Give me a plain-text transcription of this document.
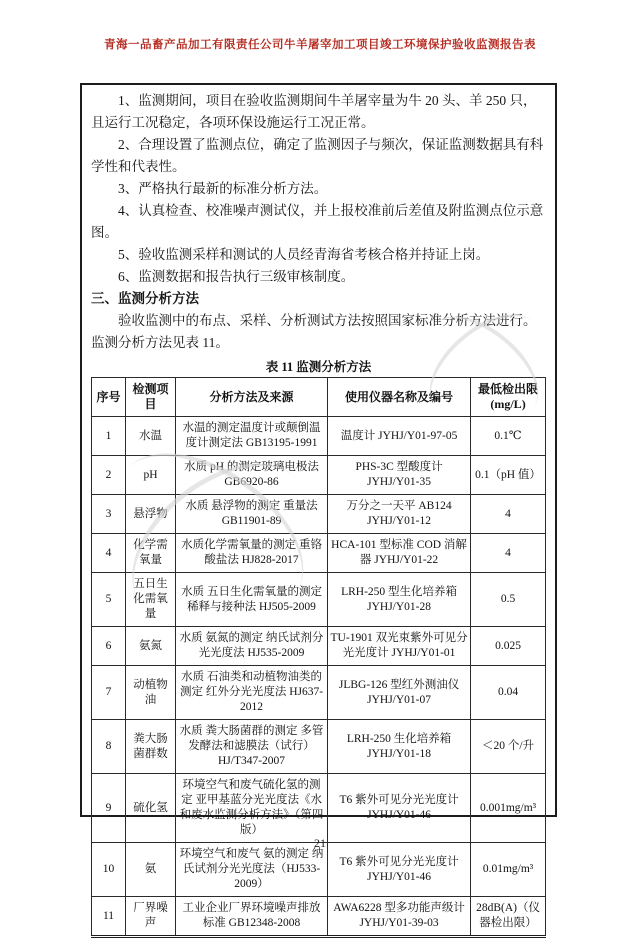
青海一品畜产品加工有限责任公司牛羊屠宰加工项目竣工环境保护验收监测报告表

1、监测期间，项目在验收监测期间牛羊屠宰量为牛 20 头、羊 250 只，且运行工况稳定，各项环保设施运行工况正常。

2、合理设置了监测点位，确定了监测因子与频次，保证监测数据具有科学性和代表性。

3、严格执行最新的标准分析方法。

4、认真检查、校准噪声测试仪，并上报校准前后差值及附监测点位示意图。

5、验收监测采样和测试的人员经青海省考核合格并持证上岗。

6、监测数据和报告执行三级审核制度。

三、监测分析方法

验收监测中的布点、采样、分析测试方法按照国家标准分析方法进行。监测分析方法见表 11。

表 11 监测分析方法
序号	检测项目	分析方法及来源	使用仪器名称及编号	最低检出限(mg/L)
1	水温	水温的测定温度计或颠倒温度计测定法 GB13195-1991	温度计 JYHJ/Y01-97-05	0.1℃
2	pH	水质 pH 的测定玻璃电极法 GB6920-86	PHS-3C 型酸度计 JYHJ/Y01-35	0.1（pH 值）
3	悬浮物	水质 悬浮物的测定 重量法 GB11901-89	万分之一天平 AB124 JYHJ/Y01-12	4
4	化学需氧量	水质化学需氧量的测定 重铬酸盐法 HJ828-2017	HCA-101 型标准 COD 消解器 JYHJ/Y01-22	4
5	五日生化需氧量	水质 五日生化需氧量的测定 稀释与接种法 HJ505-2009	LRH-250 型生化培养箱 JYHJ/Y01-28	0.5
6	氨氮	水质 氨氮的测定 纳氏试剂分光光度法 HJ535-2009	TU-1901 双光束紫外可见分光光度计 JYHJ/Y01-01	0.025
7	动植物油	水质 石油类和动植物油类的测定 红外分光光度法 HJ637-2012	JLBG-126 型红外测油仪 JYHJ/Y01-07	0.04
8	粪大肠菌群数	水质 粪大肠菌群的测定 多管发酵法和滤膜法（试行） HJ/T347-2007	LRH-250 生化培养箱 JYHJ/Y01-18	＜20 个/升
9	硫化氢	环境空气和废气硫化氢的测定 亚甲基蓝分光光度法《水和废水监测分析方法》（第四版）	T6 紫外可见分光光度计 JYHJ/Y01-46	0.001mg/m³
10	氨	环境空气和废气 氨的测定 纳氏试剂分光光度法（HJ533-2009）	T6 紫外可见分光光度计 JYHJ/Y01-46	0.01mg/m³
11	厂界噪声	工业企业厂界环境噪声排放标准 GB12348-2008	AWA6228 型多功能声级计 JYHJ/Y01-39-03	28dB(A)（仪器检出限）
21
